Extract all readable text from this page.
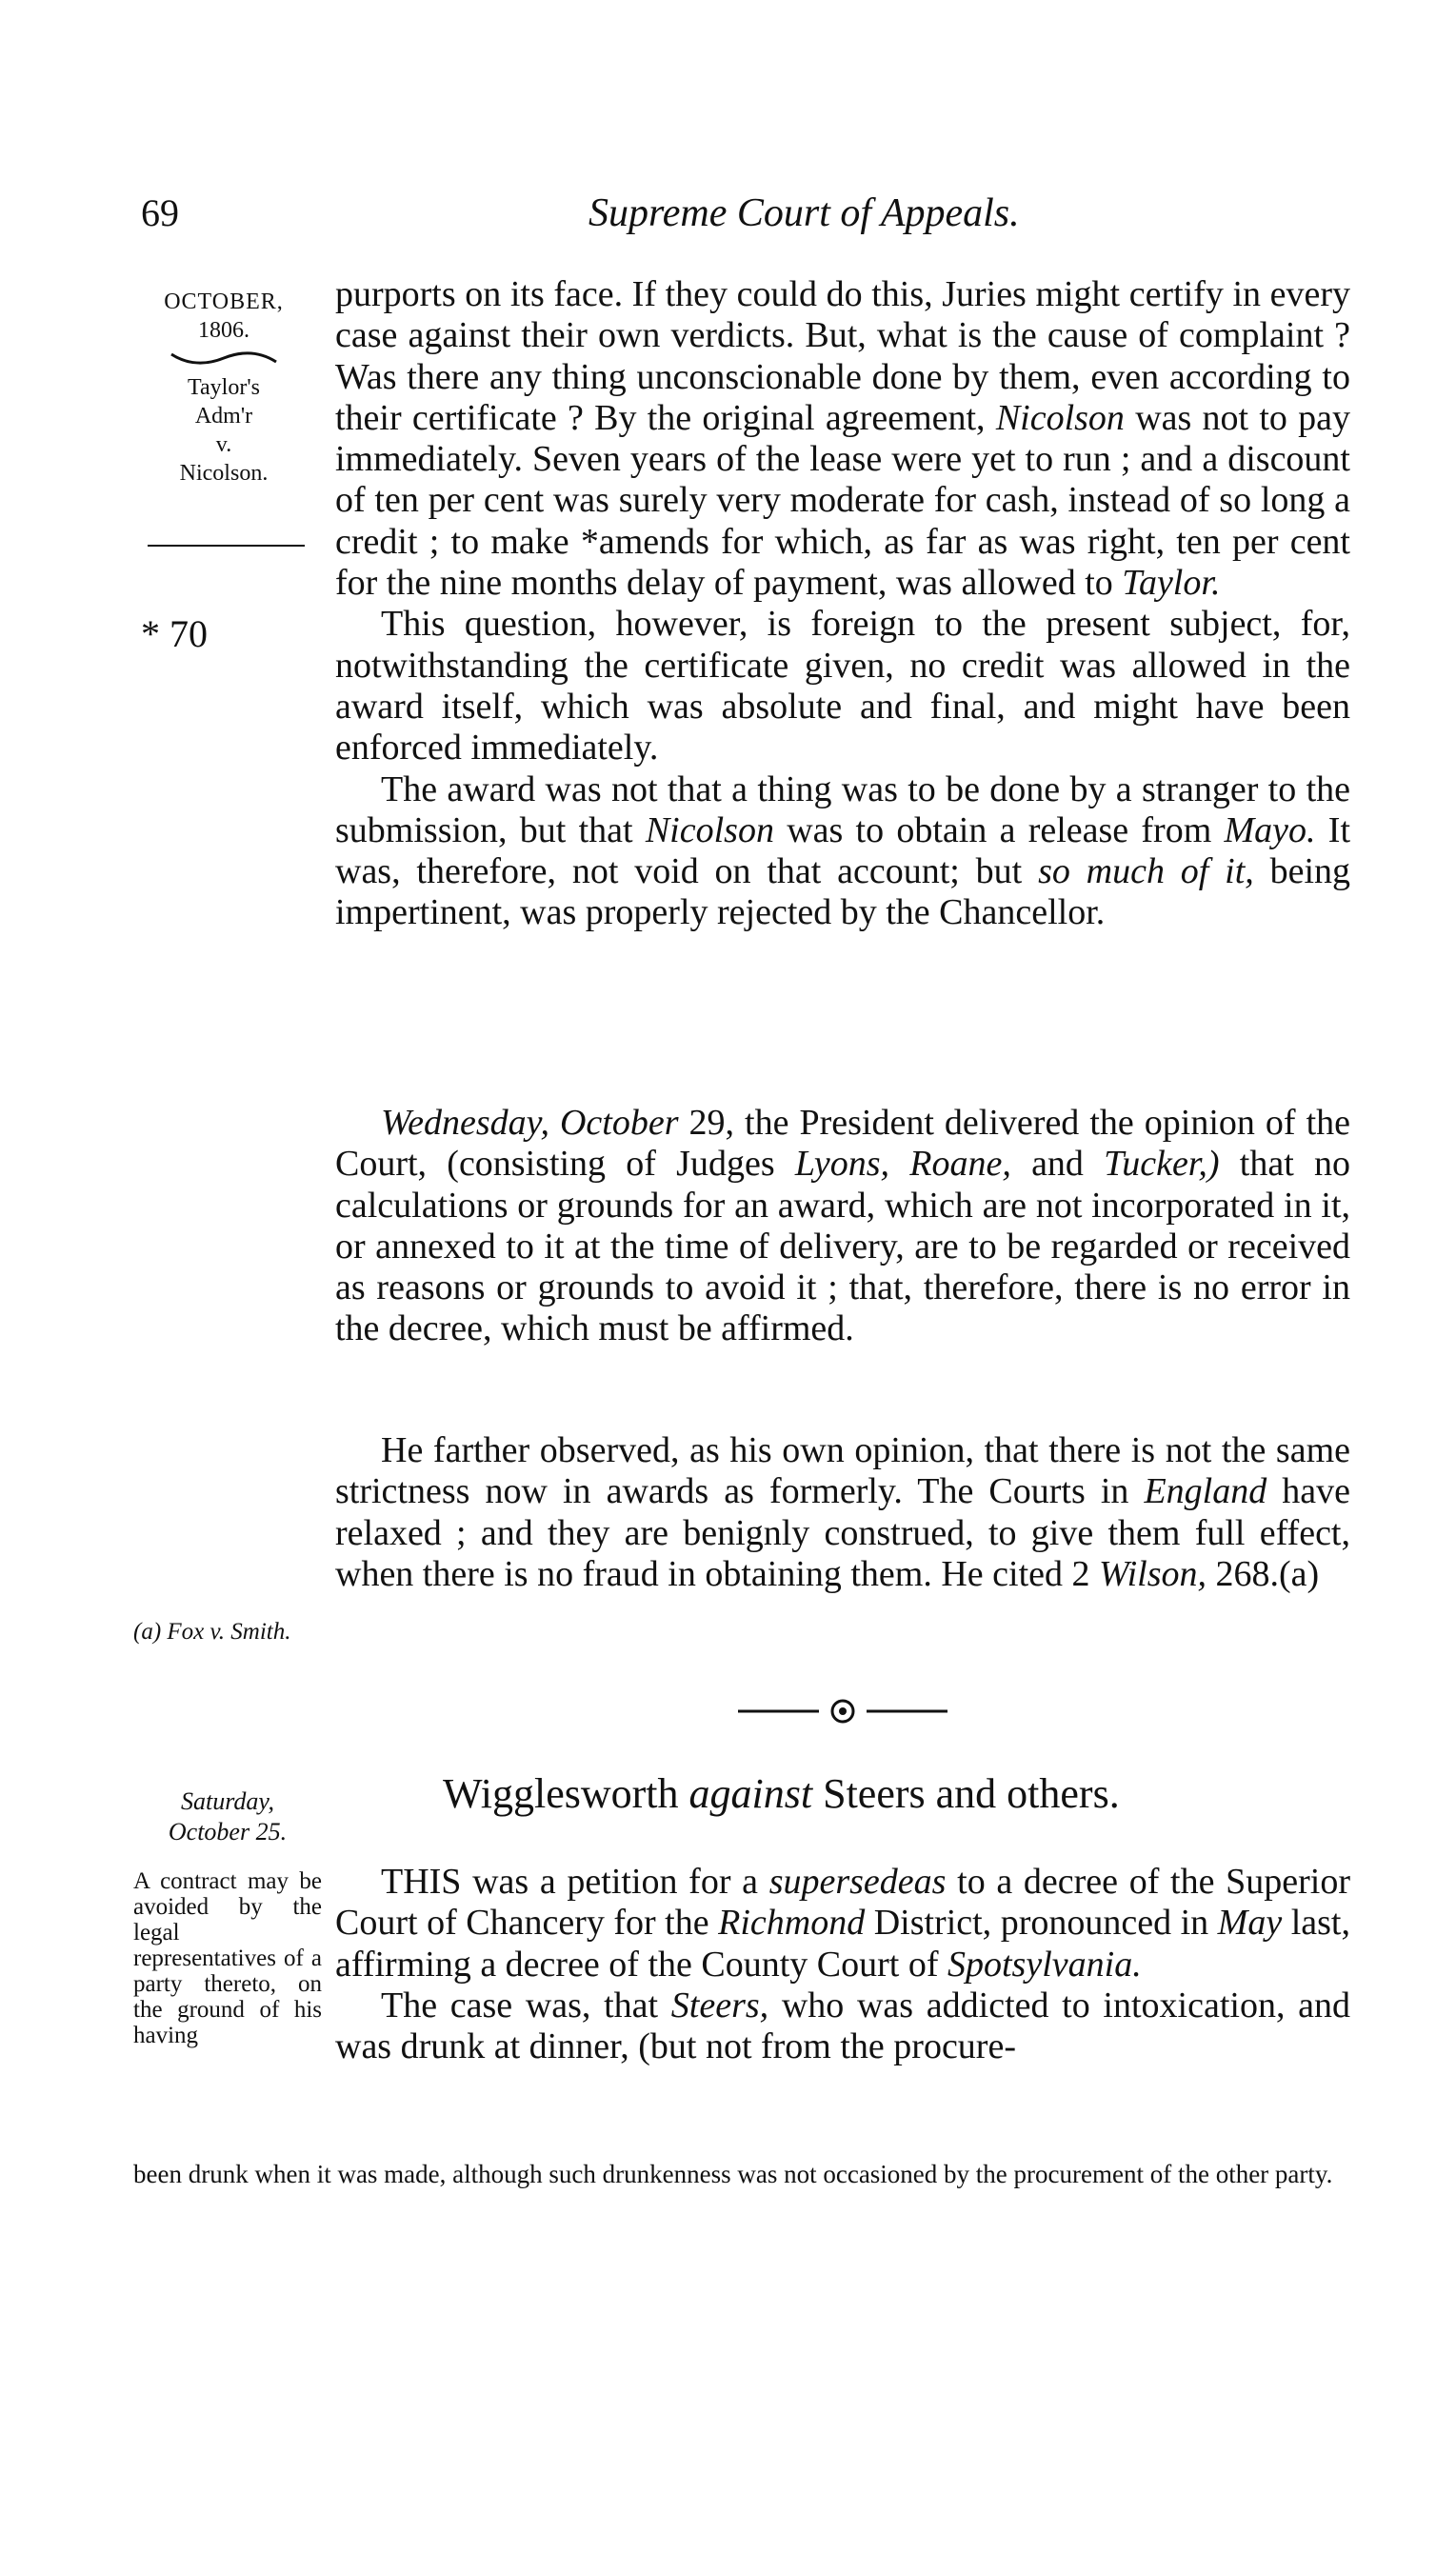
69	Supreme Court of Appeals.
OCTOBER,
1806.
Taylor's
Adm'r
v.
Nicolson.
* 70

purports on its face. If they could do this, Juries might certify in every case against their own verdicts. But, what is the cause of complaint ? Was there any thing unconscionable done by them, even according to their certificate ? By the original agreement, Nicolson was not to pay immediately. Seven years of the lease were yet to run ; and a discount of ten per cent was surely very moderate for cash, instead of so long a credit ; to make *amends for which, as far as was right, ten per cent for the nine months delay of payment, was allowed to Taylor.

This question, however, is foreign to the present subject, for, notwithstanding the certificate given, no credit was allowed in the award itself, which was absolute and final, and might have been enforced immediately.

The award was not that a thing was to be done by a stranger to the submission, but that Nicolson was to obtain a release from Mayo. It was, therefore, not void on that account; but so much of it, being impertinent, was properly rejected by the Chancellor.

Wednesday, October 29, the President delivered the opinion of the Court, (consisting of Judges Lyons, Roane, and Tucker,) that no calculations or grounds for an award, which are not incorporated in it, or annexed to it at the time of delivery, are to be regarded or received as reasons or grounds to avoid it ; that, therefore, there is no error in the decree, which must be affirmed.

He farther observed, as his own opinion, that there is not the same strictness now in awards as formerly. The Courts in England have relaxed ; and they are benignly construed, to give them full effect, when there is no fraud in obtaining them. He cited 2 Wilson, 268.(a)

(a) Fox v. Smith.
Saturday,
October 25.
Wigglesworth against Steers and others.
A contract may be avoided by the legal representatives of a party thereto, on the ground of his having

THIS was a petition for a supersedeas to a decree of the Superior Court of Chancery for the Richmond District, pronounced in May last, affirming a decree of the County Court of Spotsylvania.

The case was, that Steers, who was addicted to intoxication, and was drunk at dinner, (but not from the procure-

been drunk when it was made, although such drunkenness was not occasioned by the procurement of the other party.
